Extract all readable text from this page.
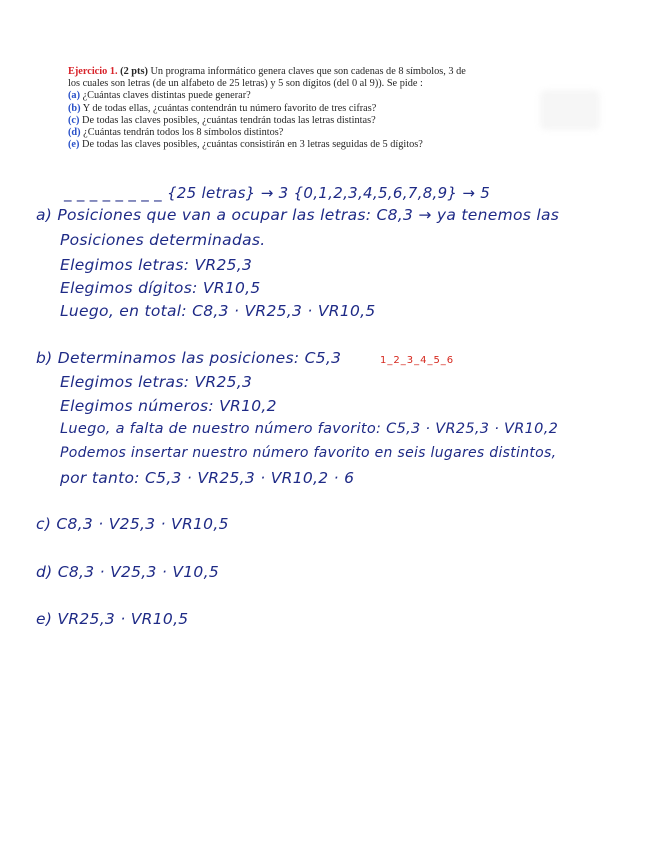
Ejercicio 1. (2 pts) Un programa informático genera claves que son cadenas de 8 símbolos, 3 de
los cuales son letras (de un alfabeto de 25 letras) y 5 son dígitos (del 0 al 9)). Se pide :
(a) ¿Cuántas claves distintas puede generar?
(b) Y de todas ellas, ¿cuántas contendrán tu número favorito de tres cifras?
(c) De todas las claves posibles, ¿cuántas tendrán todas las letras distintas?
(d) ¿Cuántas tendrán todos los 8 símbolos distintos?
(e) De todas las claves posibles, ¿cuántas consistirán en 3 letras seguidas de 5 dígitos?
_ _ _ _ _ _ _ _ {25 letras} → 3 {0,1,2,3,4,5,6,7,8,9} → 5
a) Posiciones que van a ocupar las letras: C8,3 → ya tenemos las
Posiciones determinadas.
Elegimos letras: VR25,3
Elegimos dígitos: VR10,5
Luego, en total: C8,3 · VR25,3 · VR10,5
b) Determinamos las posiciones: C5,3	1_2_3_4_5_6
Elegimos letras: VR25,3
Elegimos números: VR10,2
Luego, a falta de nuestro número favorito: C5,3 · VR25,3 · VR10,2
Podemos insertar nuestro número favorito en seis lugares distintos,
por tanto: C5,3 · VR25,3 · VR10,2 · 6
c) C8,3 · V25,3 · VR10,5
d) C8,3 · V25,3 · V10,5
e) VR25,3 · VR10,5
